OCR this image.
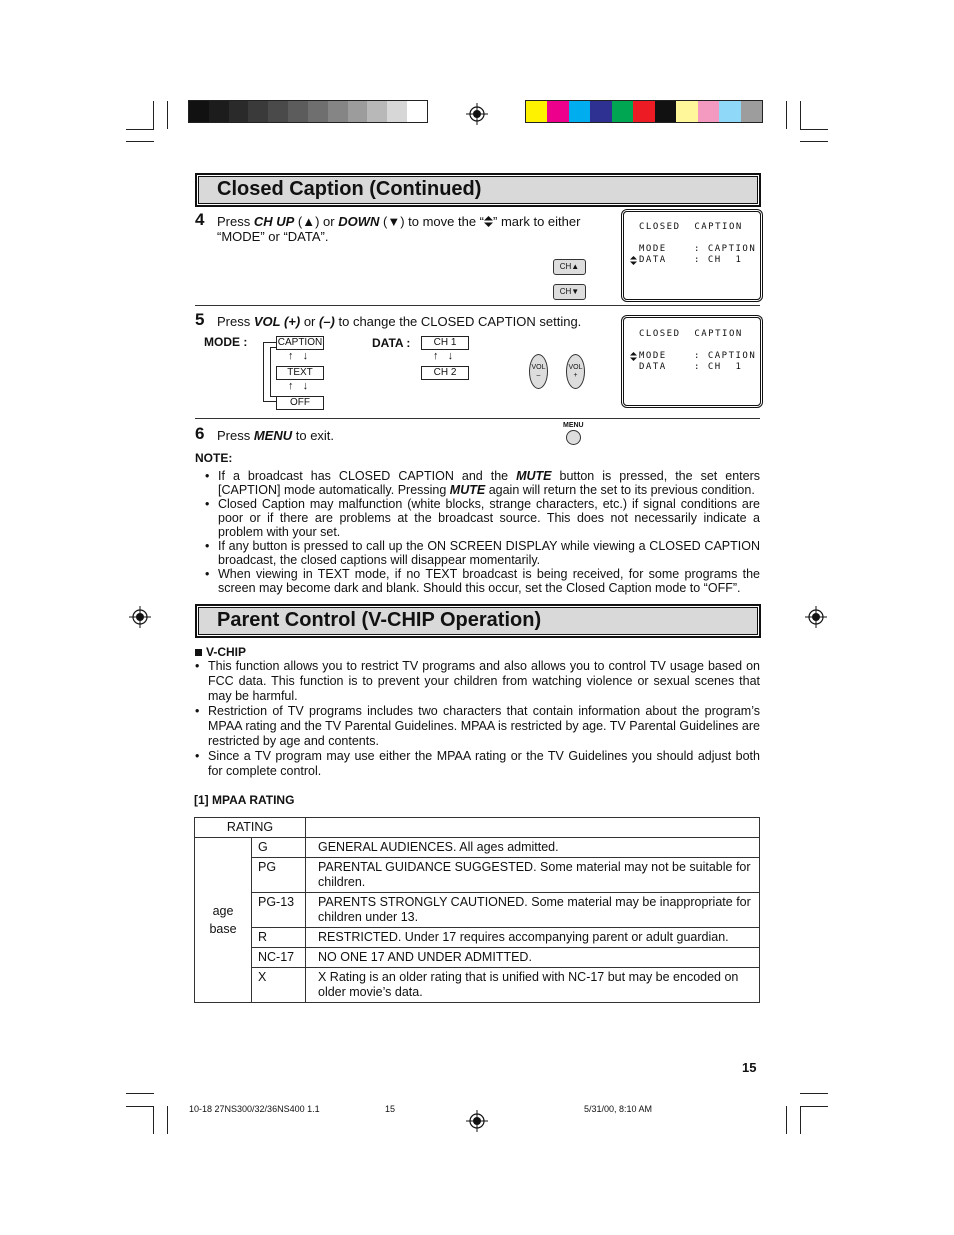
Closed Caption (Continued)
4 Press CH UP (▲) or DOWN (▼) to move the “ ” mark to either “MODE” or “DATA”.
CH▲
CH▼
CLOSED  CAPTION
MODE	: CAPTION
DATA	: CH  1
5 Press VOL (+) or (–) to change the CLOSED CAPTION setting.
MODE :	CAPTION
↑   ↓
TEXT
↑   ↓
OFF
DATA :	CH 1
↑   ↓
CH 2	VOL
–
VOL
+
CLOSED  CAPTION
MODE	: CAPTION
DATA	: CH  1
6 Press MENU to exit.
MENU
NOTE:
• If a broadcast has CLOSED CAPTION and the MUTE button is pressed, the set enters [CAPTION] mode automatically. Pressing MUTE again will return the set to its previous condition.
• Closed Caption may malfunction (white blocks, strange characters, etc.) if signal conditions are poor or if there are problems at the broadcast source. This does not necessarily indicate a problem with your set.
• If any button is pressed to call up the ON SCREEN DISPLAY while viewing a CLOSED CAPTION broadcast, the closed captions will disappear momentarily.
• When viewing in TEXT mode, if no TEXT broadcast is being received, for some programs the screen may become dark and blank. Should this occur, set the Closed Caption mode to “OFF”.
Parent Control (V-CHIP Operation)
V-CHIP
• This function allows you to restrict TV programs and also allows you to control TV usage based on FCC data. This function is to prevent your children from watching violence or sexual scenes that may be harmful.
• Restriction of TV programs includes two characters that contain information about the program’s MPAA rating and the TV Parental Guidelines. MPAA is restricted by age. TV Parental Guidelines are restricted by age and contents.
• Since a TV program may use either the MPAA rating or the TV Guidelines you should adjust both for complete control.
[1] MPAA RATING
RATING		
age
base	G	GENERAL AUDIENCES. All ages admitted.
	PG	PARENTAL GUIDANCE SUGGESTED. Some material may not be suitable for children.
	PG-13	PARENTS STRONGLY CAUTIONED. Some material may be inappropriate for children under 13.
	R	RESTRICTED. Under 17 requires accompanying parent or adult guardian.
	NC-17	NO ONE 17 AND UNDER ADMITTED.
	X	X Rating is an older rating that is unified with NC-17 but may be encoded on older movie’s data.
15
10-18 27NS300/32/36NS400 1.1	15	5/31/00, 8:10 AM
